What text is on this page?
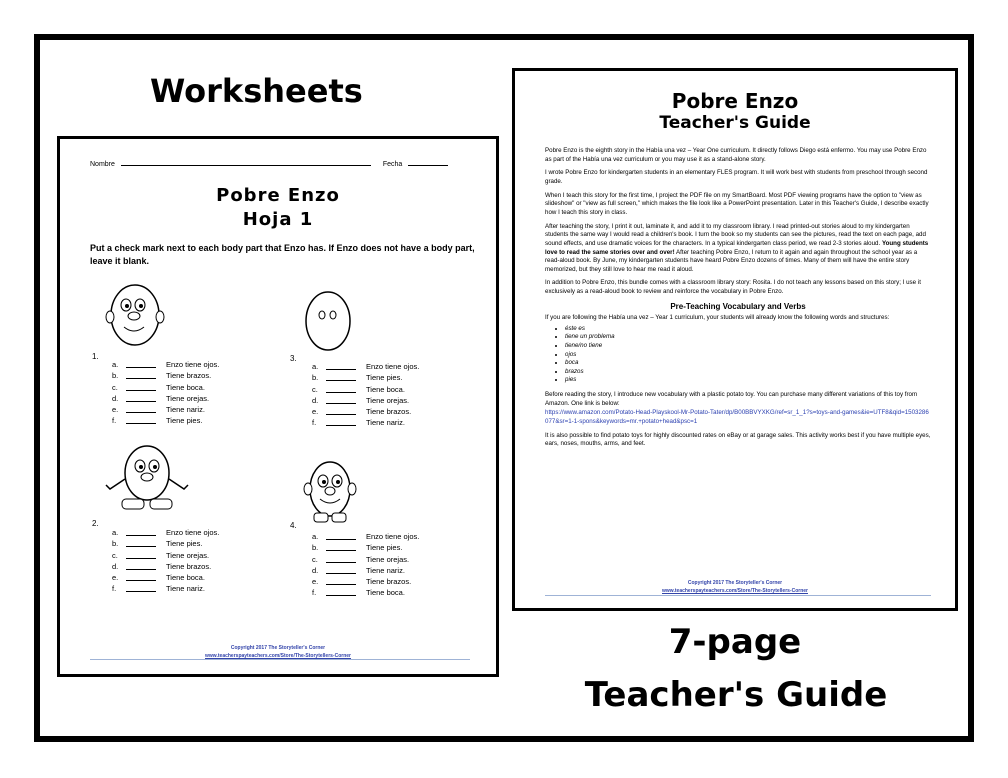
Worksheets
7-page
Teacher's Guide
Nombre	Fecha
Pobre Enzo
Hoja 1
Put a check mark next to each body part that Enzo has. If Enzo does not have a body part, leave it blank.
1.
a.	Enzo tiene ojos.
b.	Tiene brazos.
c.	Tiene boca.
d.	Tiene orejas.
e.	Tiene nariz.
f.	Tiene pies.
3.
a.	Enzo tiene ojos.
b.	Tiene pies.
c.	Tiene boca.
d.	Tiene orejas.
e.	Tiene brazos.
f.	Tiene nariz.
2.
a.	Enzo tiene ojos.
b.	Tiene pies.
c.	Tiene orejas.
d.	Tiene brazos.
e.	Tiene boca.
f.	Tiene nariz.
4.
a.	Enzo tiene ojos.
b.	Tiene pies.
c.	Tiene orejas.
d.	Tiene nariz.
e.	Tiene brazos.
f.	Tiene boca.
Copyright 2017 The Storyteller's Corner
www.teacherspayteachers.com/Store/The-Storytellers-Corner
Pobre Enzo
Teacher's Guide

Pobre Enzo is the eighth story in the Había una vez – Year One curriculum. It directly follows Diego está enfermo. You may use Pobre Enzo as part of the Había una vez curriculum or you may use it as a stand-alone story.

I wrote Pobre Enzo for kindergarten students in an elementary FLES program. It will work best with students from preschool through second grade.

When I teach this story for the first time, I project the PDF file on my SmartBoard. Most PDF viewing programs have the option to "view as slideshow" or "view as full screen," which makes the file look like a PowerPoint presentation. Later in this Teacher's Guide, I describe exactly how I teach this story in class.

After teaching the story, I print it out, laminate it, and add it to my classroom library. I read printed-out stories aloud to my kindergarten students the same way I would read a children's book. I turn the book so my students can see the pictures, read the text on each page, add sound effects, and use dramatic voices for the characters. In a typical kindergarten class period, we read 2-3 stories aloud. Young students love to read the same stories over and over! After teaching Pobre Enzo, I return to it again and again throughout the school year as a read-aloud book. By June, my kindergarten students have heard Pobre Enzo dozens of times. Many of them will have the entire story memorized, but they still love to hear me read it aloud.

In addition to Pobre Enzo, this bundle comes with a classroom library story: Rosita. I do not teach any lessons based on this story; I use it exclusively as a read-aloud book to review and reinforce the vocabulary in Pobre Enzo.

Pre-Teaching Vocabulary and Verbs

If you are following the Había una vez – Year 1 curriculum, your students will already know the following words and structures:

• éste es
• tiene un problema
• tiene/no tiene
• ojos
• boca
• brazos
• pies

Before reading the story, I introduce new vocabulary with a plastic potato toy. You can purchase many different variations of this toy from Amazon. One link is below:

https://www.amazon.com/Potato-Head-Playskool-Mr-Potato-Tater/dp/B00BBVYXKG/ref=sr_1_1?s=toys-and-games&ie=UTF8&qid=1503286077&sr=1-1-spons&keywords=mr.+potato+head&psc=1

It is also possible to find potato toys for highly discounted rates on eBay or at garage sales. This activity works best if you have multiple eyes, ears, noses, mouths, arms, and feet.

Copyright 2017 The Storyteller's Corner
www.teacherspayteachers.com/Store/The-Storytellers-Corner
